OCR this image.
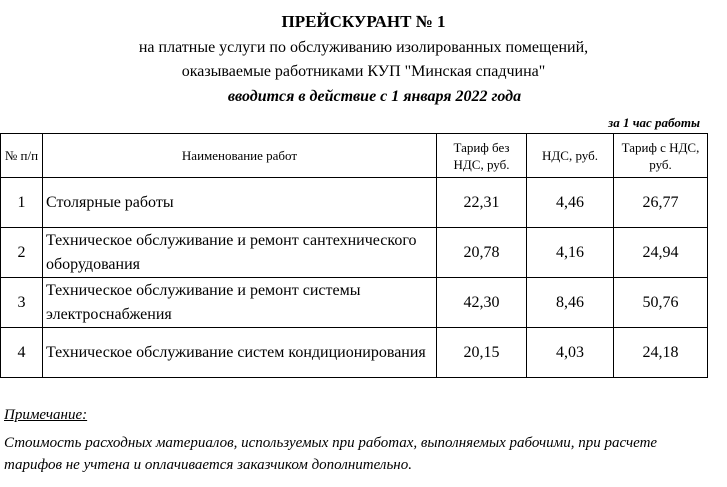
ПРЕЙСКУРАНТ № 1
на платные услуги по обслуживанию изолированных помещений,
оказываемые работниками КУП "Минская спадчина"
вводится в действие с 1 января 2022 года
за 1 час работы
№ п/п	Наименование работ	Тариф без НДС, руб.	НДС, руб.	Тариф с НДС, руб.
1	Столярные работы	22,31	4,46	26,77
2	Техническое обслуживание и ремонт сантехнического оборудования	20,78	4,16	24,94
3	Техническое обслуживание и ремонт системы электроснабжения	42,30	8,46	50,76
4	Техническое обслуживание систем кондиционирования	20,15	4,03	24,18
Примечание:
Стоимость расходных материалов, используемых при работах, выполняемых рабочими, при расчете тарифов не учтена и оплачивается заказчиком дополнительно.
